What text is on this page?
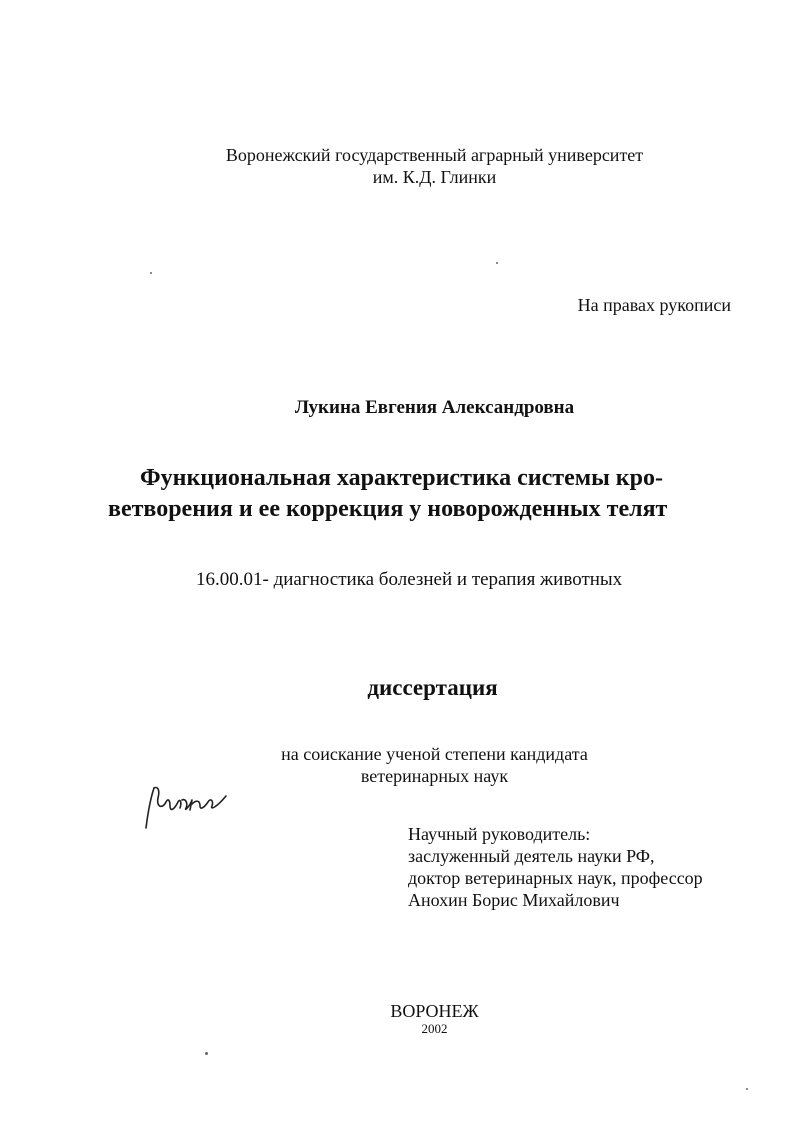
Воронежский государственный аграрный университет
им. К.Д. Глинки
На правах рукописи
Лукина Евгения Александровна
Функциональная характеристика системы кро-
ветворения и ее коррекция у новорожденных телят
16.00.01- диагностика болезней и терапия животных
диссертация
на соискание ученой степени кандидата
ветеринарных наук
Научный руководитель:
заслуженный деятель науки РФ,
доктор ветеринарных наук, профессор
Анохин Борис Михайлович
ВОРОНЕЖ
2002
